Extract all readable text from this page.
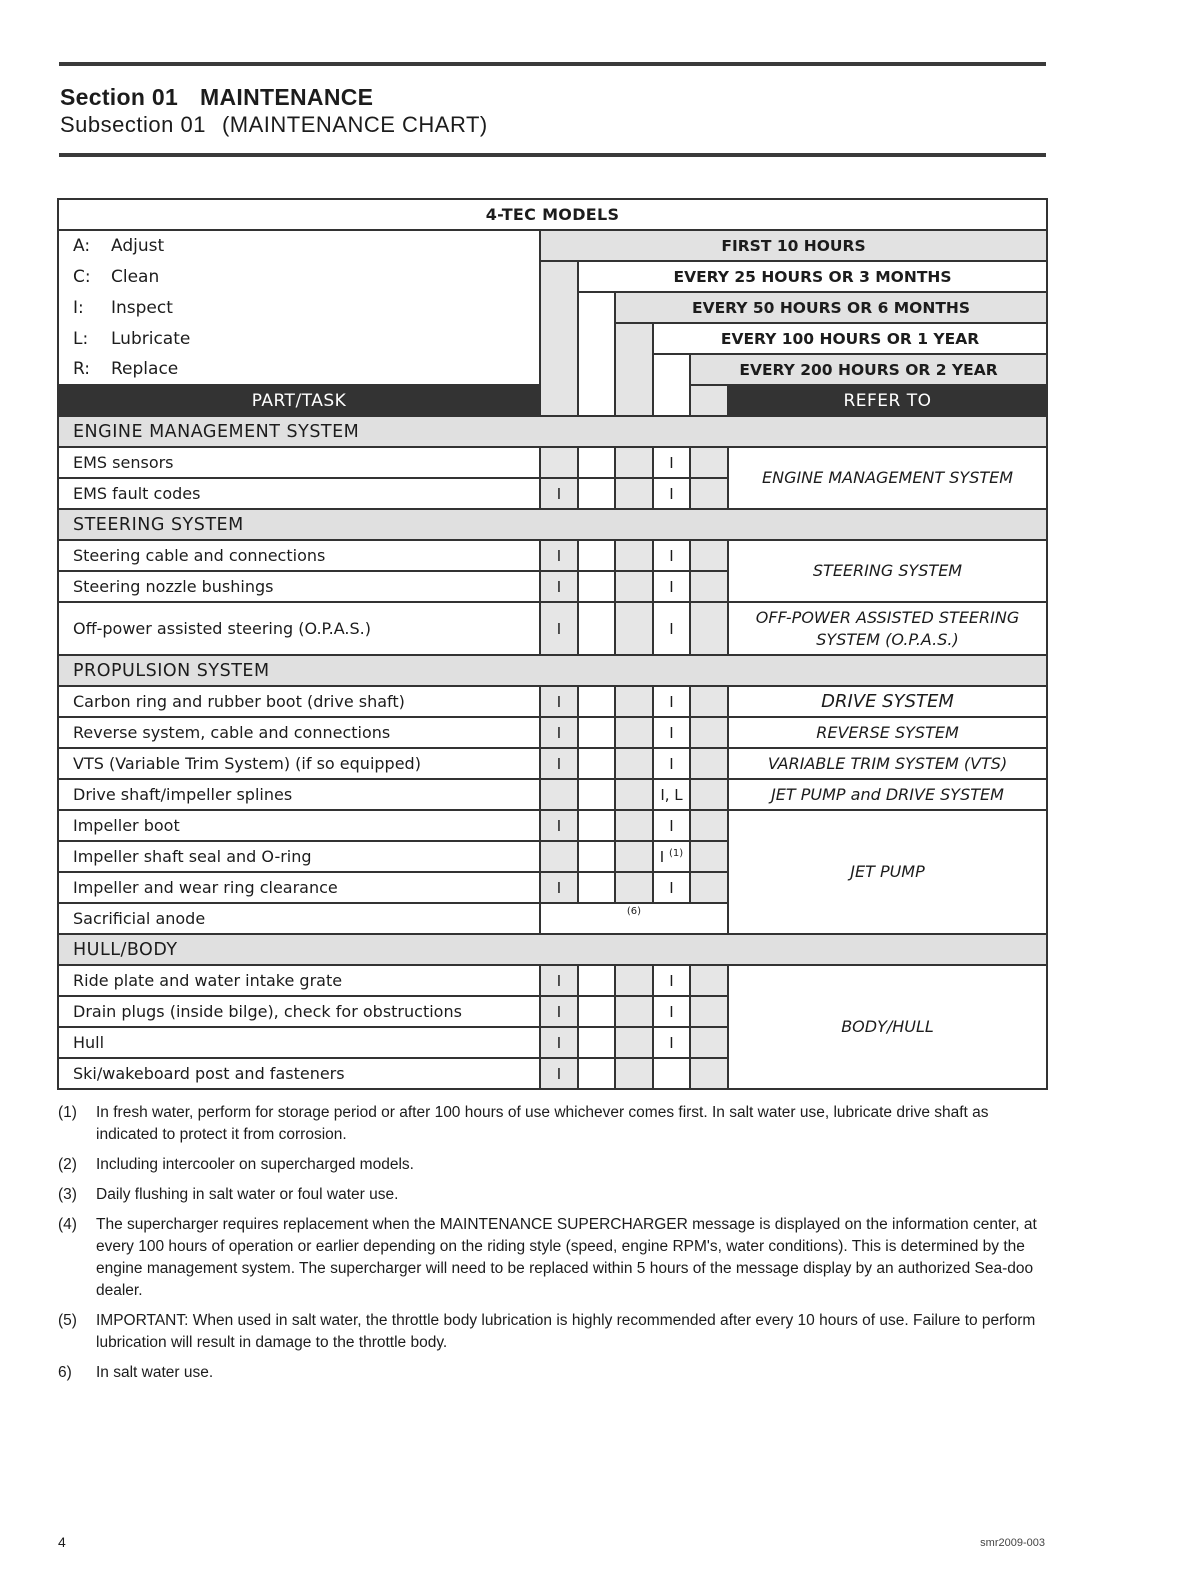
Section 01 MAINTENANCE
Subsection 01 (MAINTENANCE CHART)
4-TEC MODELS						
A: Adjust	FIRST 10 HOURS					
C: Clean		EVERY 25 HOURS OR 3 MONTHS				
I: Inspect			EVERY 50 HOURS OR 6 MONTHS			
L: Lubricate				EVERY 100 HOURS OR 1 YEAR		
R: Replace					EVERY 200 HOURS OR 2 YEAR	
PART/TASK						REFER TO
ENGINE MANAGEMENT SYSTEM						
EMS sensors				I		ENGINE MANAGEMENT SYSTEM
EMS fault codes	I			I		
STEERING SYSTEM						
Steering cable and connections	I			I		STEERING SYSTEM
Steering nozzle bushings	I			I		
Off-power assisted steering (O.P.A.S.)	I			I		OFF-POWER ASSISTED STEERING
SYSTEM (O.P.A.S.)
PROPULSION SYSTEM						
Carbon ring and rubber boot (drive shaft)	I			I		DRIVE SYSTEM
Reverse system, cable and connections	I			I		REVERSE SYSTEM
VTS (Variable Trim System) (if so equipped)	I			I		VARIABLE TRIM SYSTEM (VTS)
Drive shaft/impeller splines				I, L		JET PUMP and DRIVE SYSTEM
Impeller boot	I			I		JET PUMP
Impeller shaft seal and O-ring				I $^{(1)}$	
Impeller and wear ring clearance	I			I		
Sacrificial anode	$^{(6)}$
HULL/BODY						
Ride plate and water intake grate	I			I		BODY/HULL
Drain plugs (inside bilge), check for obstructions	I			I		
Hull	I			I		
Ski/wakeboard post and fasteners	I					
(1) In fresh water, perform for storage period or after 100 hours of use whichever comes first. In salt water use, lubricate drive shaft as indicated to protect it from corrosion.
(2) Including intercooler on supercharged models.
(3) Daily flushing in salt water or foul water use.
(4) The supercharger requires replacement when the MAINTENANCE SUPERCHARGER message is displayed on the information center, at every 100 hours of operation or earlier depending on the riding style (speed, engine RPM's, water conditions). This is determined by the engine management system. The supercharger will need to be replaced within 5 hours of the message display by an authorized Sea-doo dealer.
(5) IMPORTANT: When used in salt water, the throttle body lubrication is highly recommended after every 10 hours of use. Failure to perform lubrication will result in damage to the throttle body.
6) In salt water use.
4	smr2009-003
